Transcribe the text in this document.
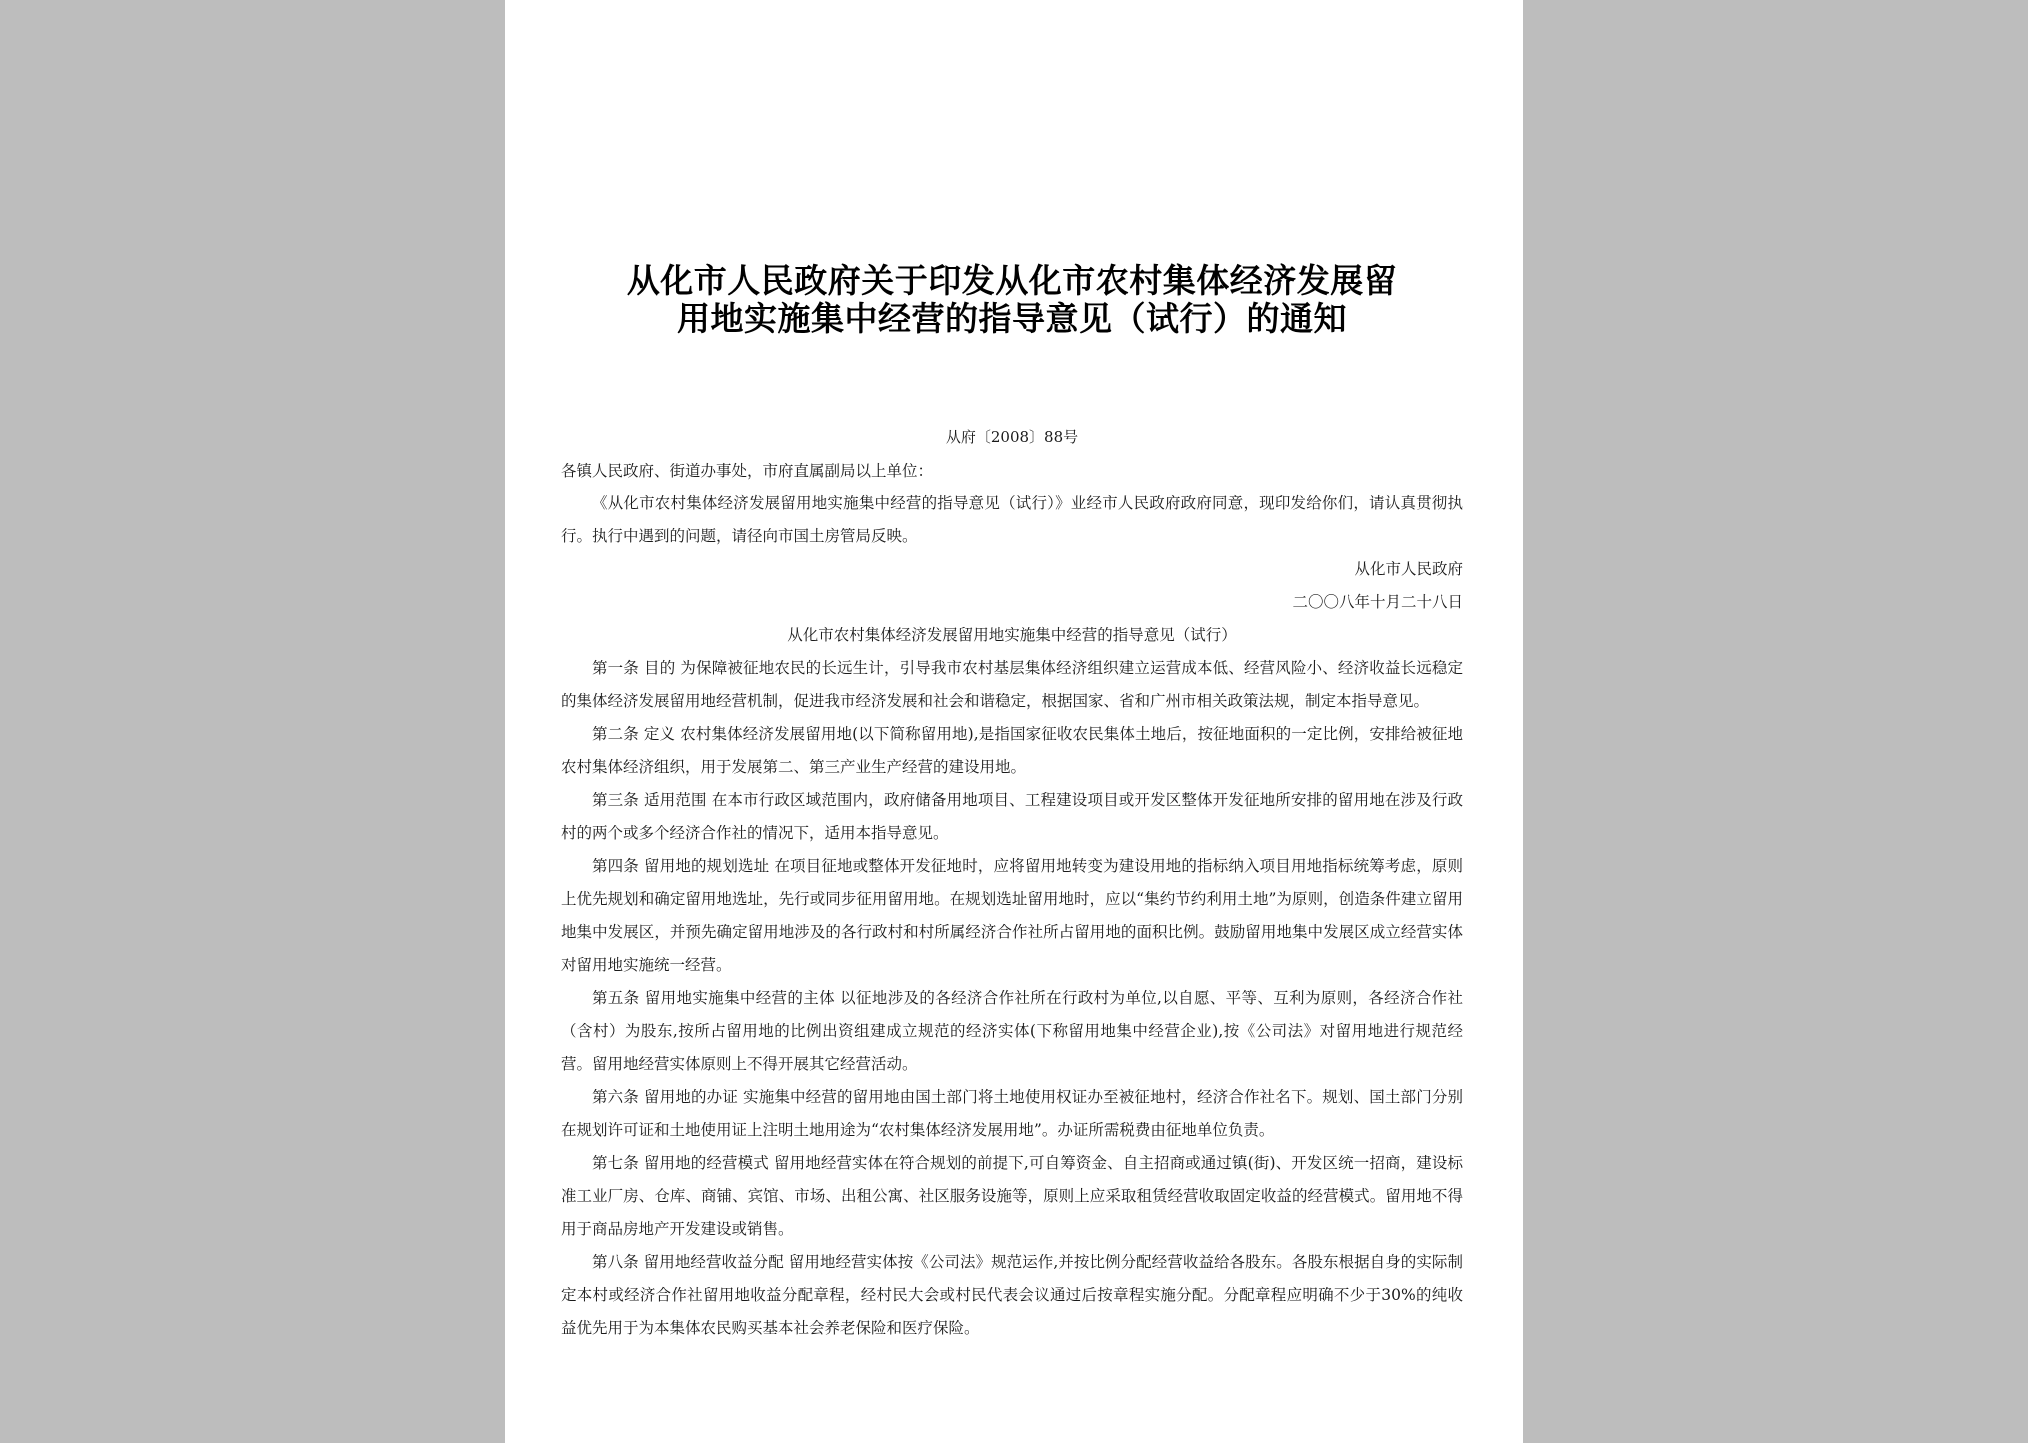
从化市人民政府关于印发从化市农村集体经济发展留
用地实施集中经营的指导意见（试行）的通知
从府〔2008〕88号

各镇人民政府、街道办事处，市府直属副局以上单位：

《从化市农村集体经济发展留用地实施集中经营的指导意见（试行）》业经市人民政府政府同意，现印发给你们，请认真贯彻执行。执行中遇到的问题，请径向市国土房管局反映。

从化市人民政府

二〇〇八年十月二十八日

从化市农村集体经济发展留用地实施集中经营的指导意见（试行）

第一条 目的 为保障被征地农民的长远生计，引导我市农村基层集体经济组织建立运营成本低、经营风险小、经济收益长远稳定的集体经济发展留用地经营机制，促进我市经济发展和社会和谐稳定，根据国家、省和广州市相关政策法规，制定本指导意见。

第二条 定义 农村集体经济发展留用地(以下简称留用地),是指国家征收农民集体土地后，按征地面积的一定比例，安排给被征地农村集体经济组织，用于发展第二、第三产业生产经营的建设用地。

第三条 适用范围 在本市行政区域范围内，政府储备用地项目、工程建设项目或开发区整体开发征地所安排的留用地在涉及行政村的两个或多个经济合作社的情况下，适用本指导意见。

第四条 留用地的规划选址 在项目征地或整体开发征地时，应将留用地转变为建设用地的指标纳入项目用地指标统筹考虑，原则上优先规划和确定留用地选址，先行或同步征用留用地。在规划选址留用地时，应以“集约节约利用土地”为原则，创造条件建立留用地集中发展区，并预先确定留用地涉及的各行政村和村所属经济合作社所占留用地的面积比例。鼓励留用地集中发展区成立经营实体对留用地实施统一经营。

第五条 留用地实施集中经营的主体 以征地涉及的各经济合作社所在行政村为单位,以自愿、平等、互利为原则，各经济合作社（含村）为股东,按所占留用地的比例出资组建成立规范的经济实体(下称留用地集中经营企业),按《公司法》对留用地进行规范经营。留用地经营实体原则上不得开展其它经营活动。

第六条 留用地的办证 实施集中经营的留用地由国土部门将土地使用权证办至被征地村，经济合作社名下。规划、国土部门分别在规划许可证和土地使用证上注明土地用途为“农村集体经济发展用地”。办证所需税费由征地单位负责。

第七条 留用地的经营模式 留用地经营实体在符合规划的前提下,可自筹资金、自主招商或通过镇(街)、开发区统一招商，建设标准工业厂房、仓库、商铺、宾馆、市场、出租公寓、社区服务设施等，原则上应采取租赁经营收取固定收益的经营模式。留用地不得用于商品房地产开发建设或销售。

第八条 留用地经营收益分配 留用地经营实体按《公司法》规范运作,并按比例分配经营收益给各股东。各股东根据自身的实际制定本村或经济合作社留用地收益分配章程，经村民大会或村民代表会议通过后按章程实施分配。分配章程应明确不少于30%的纯收益优先用于为本集体农民购买基本社会养老保险和医疗保险。
